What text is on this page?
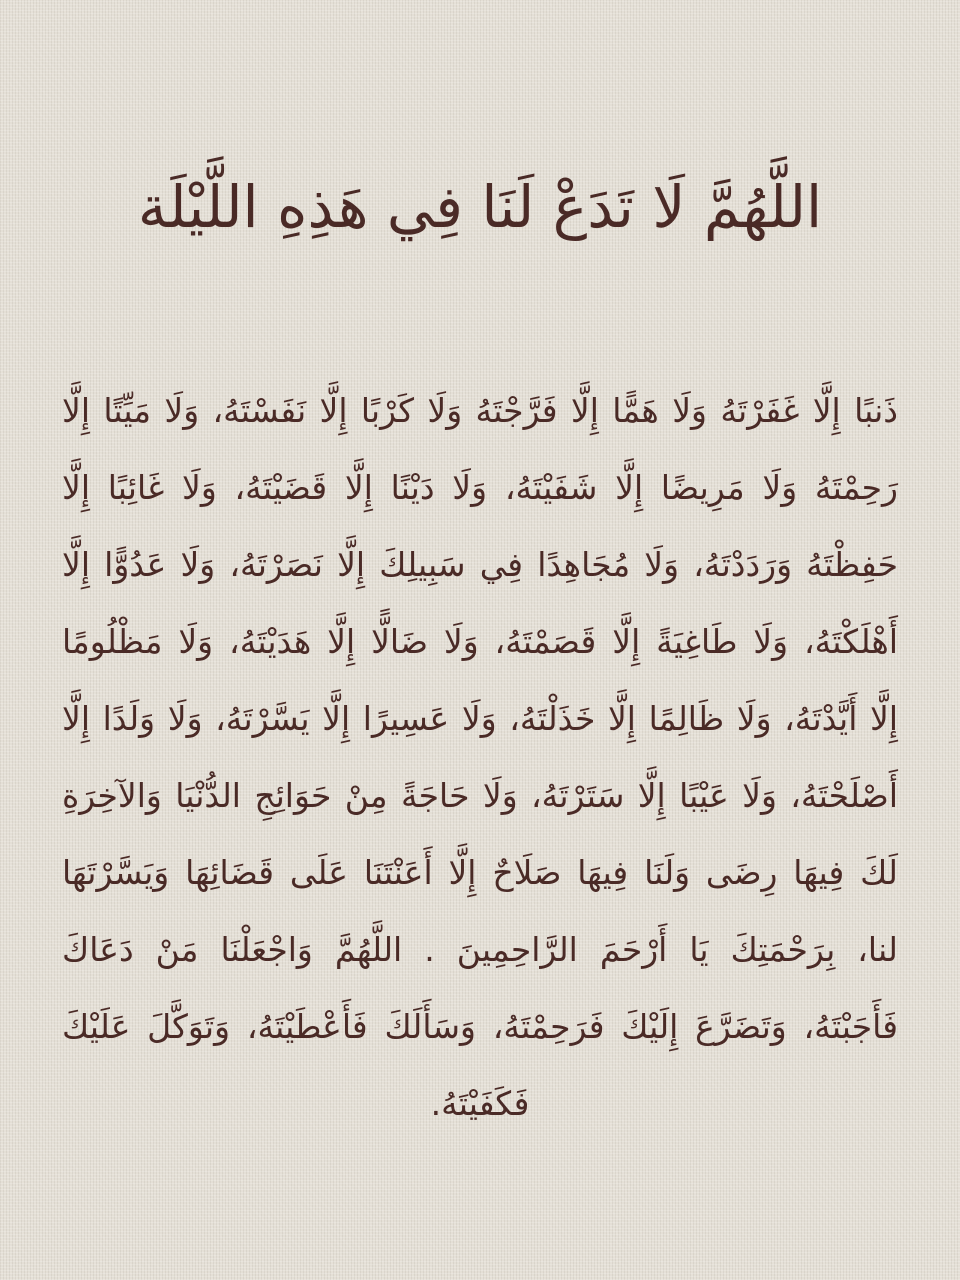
اللَّهُمَّ لَا تَدَعْ لَنَا فِي هَذِهِ اللَّيْلَة

ذَنبًا إِلَّا غَفَرْتَهُ وَلَا هَمًّا إِلَّا فَرَّجْتَهُ وَلَا كَرْبًا إِلَّا نَفَسْتَهُ، وَلَا مَيِّتًا إِلَّا رَحِمْتَهُ وَلَا مَرِيضًا إِلَّا شَفَيْتَهُ، وَلَا دَيْنًا إِلَّا قَضَيْتَهُ، وَلَا غَائِبًا إِلَّا حَفِظْتَهُ وَرَدَدْتَهُ، وَلَا مُجَاهِدًا فِي سَبِيلِكَ إِلَّا نَصَرْتَهُ، وَلَا عَدُوًّا إِلَّا أَهْلَكْتَهُ، وَلَا طَاغِيَةً إِلَّا قَصَمْتَهُ، وَلَا ضَالًّا إِلَّا هَدَيْتَهُ، وَلَا مَظْلُومًا إِلَّا أَيَّدْتَهُ، وَلَا ظَالِمًا إِلَّا خَذَلْتَهُ، وَلَا عَسِيرًا إِلَّا يَسَّرْتَهُ، وَلَا وَلَدًا إِلَّا أَصْلَحْتَهُ، وَلَا عَيْبًا إِلَّا سَتَرْتَهُ، وَلَا حَاجَةً مِنْ حَوَائِجِ الدُّنْيَا وَالآخِرَةِ لَكَ فِيهَا رِضَى وَلَنَا فِيهَا صَلَاحٌ إِلَّا أَعَنْتَنَا عَلَى قَضَائِهَا وَيَسَّرْتَهَا لنا، بِرَحْمَتِكَ يَا أَرْحَمَ الرَّاحِمِينَ . اللَّهُمَّ وَاجْعَلْنَا مَنْ دَعَاكَ فَأَجَبْتَهُ، وَتَضَرَّعَ إِلَيْكَ فَرَحِمْتَهُ، وَسَأَلَكَ فَأَعْطَيْتَهُ، وَتَوَكَّلَ عَلَيْكَ فَكَفَيْتَهُ.
